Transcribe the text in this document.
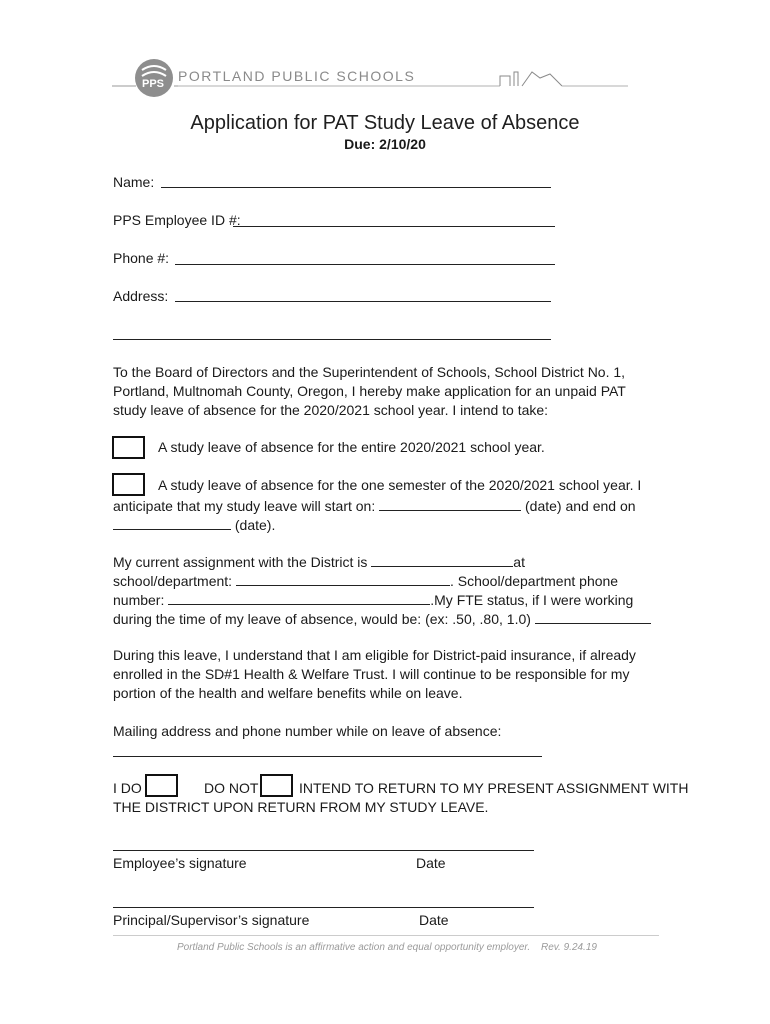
PPS PORTLAND PUBLIC SCHOOLS
Application for PAT Study Leave of Absence
Due: 2/10/20
Name:
PPS Employee ID #:
Phone #:
Address:
To the Board of Directors and the Superintendent of Schools, School District No. 1,
Portland, Multnomah County, Oregon, I hereby make application for an unpaid PAT
study leave of absence for the 2020/2021 school year. I intend to take:
A study leave of absence for the entire 2020/2021 school year.
A study leave of absence for the one semester of the 2020/2021 school year. I
anticipate that my study leave will start on:	(date) and end on
(date).
My current assignment with the District is	at
school/department:	. School/department phone
number:	.My FTE status, if I were working
during the time of my leave of absence, would be: (ex: .50, .80, 1.0)
During this leave, I understand that I am eligible for District-paid insurance, if already
enrolled in the SD#1 Health & Welfare Trust. I will continue to be responsible for my
portion of the health and welfare benefits while on leave.
Mailing address and phone number while on leave of absence:
I DO	DO NOT	INTEND TO RETURN TO MY PRESENT ASSIGNMENT WITH
THE DISTRICT UPON RETURN FROM MY STUDY LEAVE.
Employee’s signature	Date
Principal/Supervisor’s signature	Date
Portland Public Schools is an affirmative action and equal opportunity employer. Rev. 9.24.19
